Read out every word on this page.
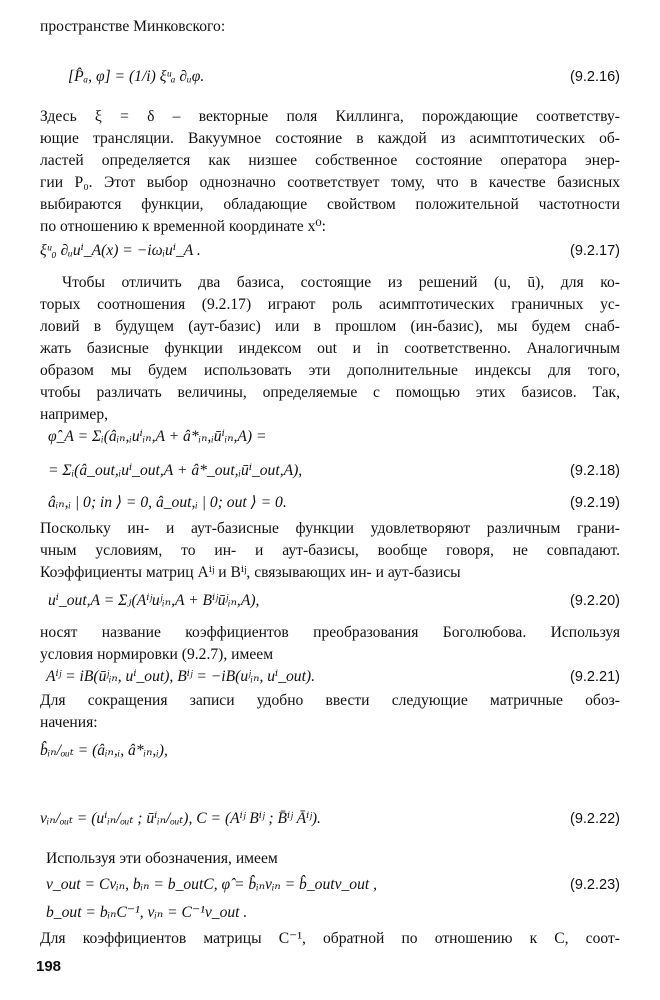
пространстве Минковского:
[P̂ₐ, φ] = (1/i) ξᵘₐ ∂ᵤφ.	(9.2.16)
Здесь ξ = δ – векторные поля Киллинга, порождающие соответству-
ющие трансляции. Вакуумное состояние в каждой из асимптотических об-
ластей определяется как низшее собственное состояние оператора энер-
гии P₀. Этот выбор однозначно соответствует тому, что в качестве базисных
выбираются функции, обладающие свойством положительной частотности
по отношению к временной координате x⁰:
ξᵘ₀ ∂ᵤuⁱ_A(x) = −iωᵢuⁱ_A .	(9.2.17)
Чтобы отличить два базиса, состоящие из решений (u, ū), для ко-
торых соотношения (9.2.17) играют роль асимптотических граничных ус-
ловий в будущем (аут-базис) или в прошлом (ин-базис), мы будем снаб-
жать базисные функции индексом out и in соответственно. Аналогичным
образом мы будем использовать эти дополнительные индексы для того,
чтобы различать величины, определяемые с помощью этих базисов. Так,
например,
φ̂_A = Σᵢ(âᵢₙ,ᵢuⁱᵢₙ,A + â*ᵢₙ,ᵢūⁱᵢₙ,A) =
= Σᵢ(â_out,ᵢuⁱ_out,A + â*_out,ᵢūⁱ_out,A),	(9.2.18)
âᵢₙ,ᵢ | 0; in ⟩ = 0, â_out,ᵢ | 0; out ⟩ = 0.	(9.2.19)
Поскольку ин- и аут-базисные функции удовлетворяют различным грани-
чным условиям, то ин- и аут-базисы, вообще говоря, не совпадают.
Коэффициенты матриц Aⁱʲ и Bⁱʲ, связывающих ин- и аут-базисы
uⁱ_out,A = Σⱼ(Aⁱʲuʲᵢₙ,A + Bⁱʲūʲᵢₙ,A),	(9.2.20)
носят название коэффициентов преобразования Боголюбова. Используя
условия нормировки (9.2.7), имеем
Aⁱʲ = iB(ūʲᵢₙ, uⁱ_out), Bⁱʲ = −iB(uʲᵢₙ, uⁱ_out).	(9.2.21)
Для сокращения записи удобно ввести следующие матричные обоз-
начения:
b̂ᵢₙ/ₒᵤₜ = (âᵢₙ,ᵢ, â*ᵢₙ,ᵢ),
vᵢₙ/ₒᵤₜ = (uⁱᵢₙ/ₒᵤₜ ; ūⁱᵢₙ/ₒᵤₜ), C = (Aⁱʲ Bⁱʲ ; B̄ⁱʲ Āⁱʲ).	(9.2.22)
Используя эти обозначения, имеем
v_out = Cvᵢₙ, bᵢₙ = b_outC, φ̂ = b̂ᵢₙvᵢₙ = b̂_outv_out ,	(9.2.23)
b_out = bᵢₙC⁻¹, vᵢₙ = C⁻¹v_out .
Для коэффициентов матрицы C⁻¹, обратной по отношению к C, соот-
198
